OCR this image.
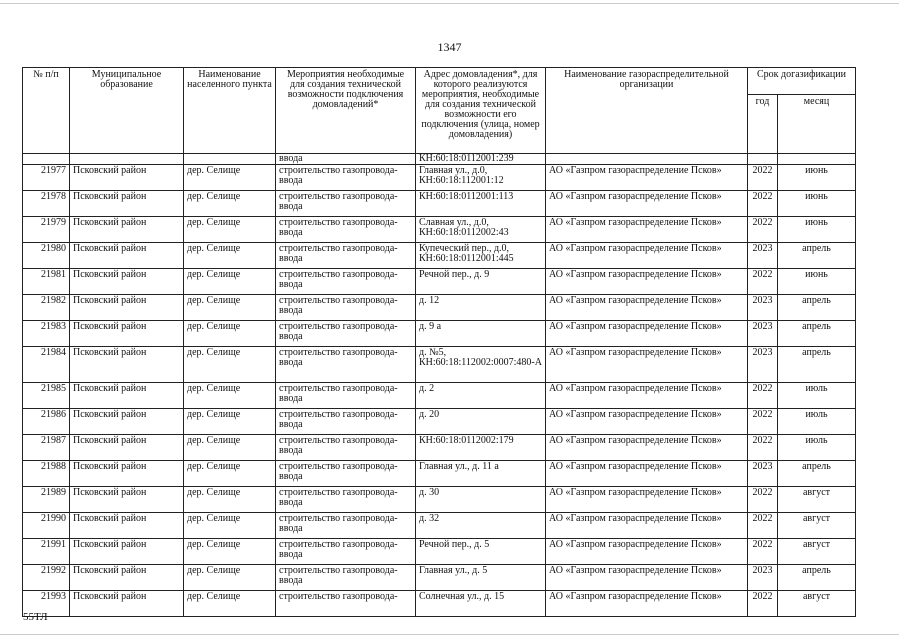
1347
№ п/п	Муниципальное образование	Наименование населенного пункта	Мероприятия необходимые для создания технической возможности подключения домовладений*	Адрес домовладения*, для которого реализуются мероприятия, необходимые для создания технической возможности его подключения (улица, номер домовладения)	Наименование газораспределительной организации	Срок догазификации	
						год	месяц
			ввода	КН:60:18:0112001:239			
21977	Псковский район	дер. Селище	строительство газопровода-ввода	Главная ул., д.0, КН:60:18:112001:12	АО «Газпром газораспределение Псков»	2022	июнь
21978	Псковский район	дер. Селище	строительство газопровода-ввода	КН:60:18:0112001:113	АО «Газпром газораспределение Псков»	2022	июнь
21979	Псковский район	дер. Селище	строительство газопровода-ввода	Славная ул., д.0, КН:60:18:0112002:43	АО «Газпром газораспределение Псков»	2022	июнь
21980	Псковский район	дер. Селище	строительство газопровода-ввода	Купеческий пер., д.0, КН:60:18:0112001:445	АО «Газпром газораспределение Псков»	2023	апрель
21981	Псковский район	дер. Селище	строительство газопровода-ввода	Речной пер., д. 9	АО «Газпром газораспределение Псков»	2022	июнь
21982	Псковский район	дер. Селище	строительство газопровода-ввода	д. 12	АО «Газпром газораспределение Псков»	2023	апрель
21983	Псковский район	дер. Селище	строительство газопровода-ввода	д. 9 а	АО «Газпром газораспределение Псков»	2023	апрель
21984	Псковский район	дер. Селище	строительство газопровода-ввода	д. №5, КН:60:18:112002:0007:480-А	АО «Газпром газораспределение Псков»	2023	апрель
21985	Псковский район	дер. Селище	строительство газопровода-ввода	д. 2	АО «Газпром газораспределение Псков»	2022	июль
21986	Псковский район	дер. Селище	строительство газопровода-ввода	д. 20	АО «Газпром газораспределение Псков»	2022	июль
21987	Псковский район	дер. Селище	строительство газопровода-ввода	КН:60:18:0112002:179	АО «Газпром газораспределение Псков»	2022	июль
21988	Псковский район	дер. Селище	строительство газопровода-ввода	Главная ул., д. 11 а	АО «Газпром газораспределение Псков»	2023	апрель
21989	Псковский район	дер. Селище	строительство газопровода-ввода	д. 30	АО «Газпром газораспределение Псков»	2022	август
21990	Псковский район	дер. Селище	строительство газопровода-ввода	д. 32	АО «Газпром газораспределение Псков»	2022	август
21991	Псковский район	дер. Селище	строительство газопровода-ввода	Речной пер., д. 5	АО «Газпром газораспределение Псков»	2022	август
21992	Псковский район	дер. Селище	строительство газопровода-ввода	Главная ул., д. 5	АО «Газпром газораспределение Псков»	2023	апрель
21993	Псковский район	дер. Селище	строительство газопровода-	Солнечная ул., д. 15	АО «Газпром газораспределение Псков»	2022	август
55ТЛ
